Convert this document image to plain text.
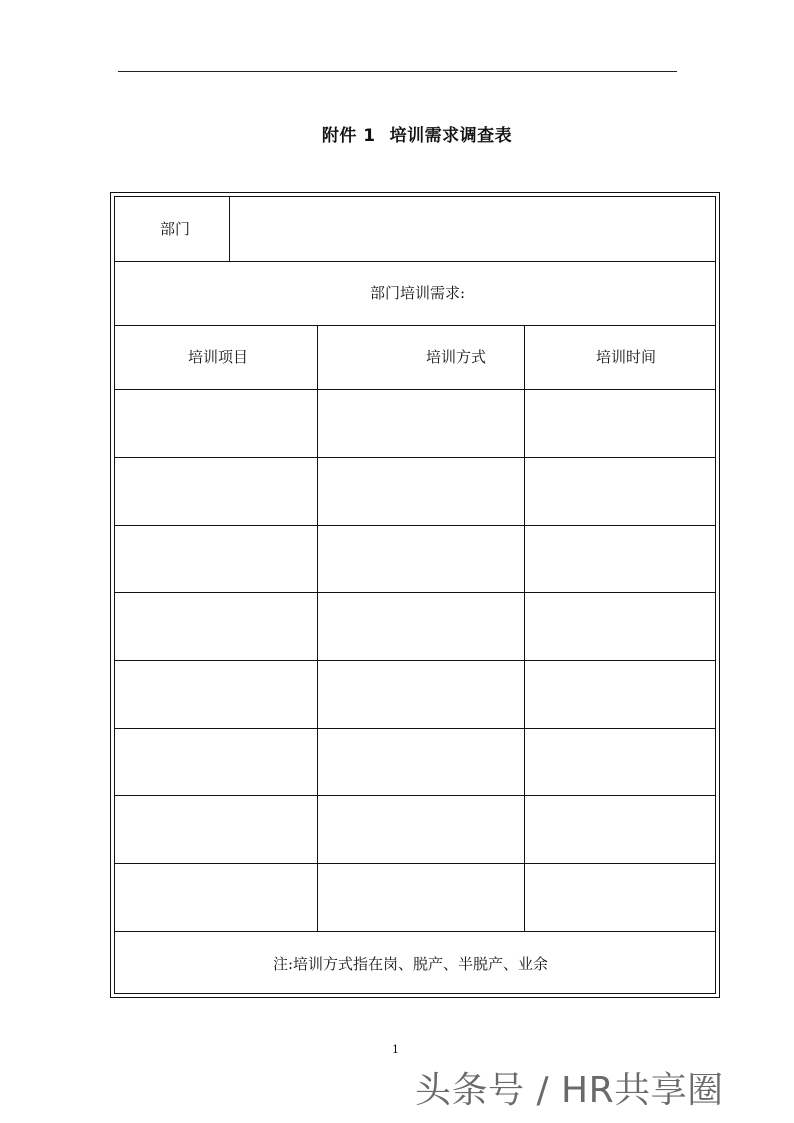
附件 1 培训需求调查表
部门
部门培训需求:
培训项目	培训方式	培训时间
注:培训方式指在岗、脱产、半脱产、业余
1
头条号 / HR共享圈
